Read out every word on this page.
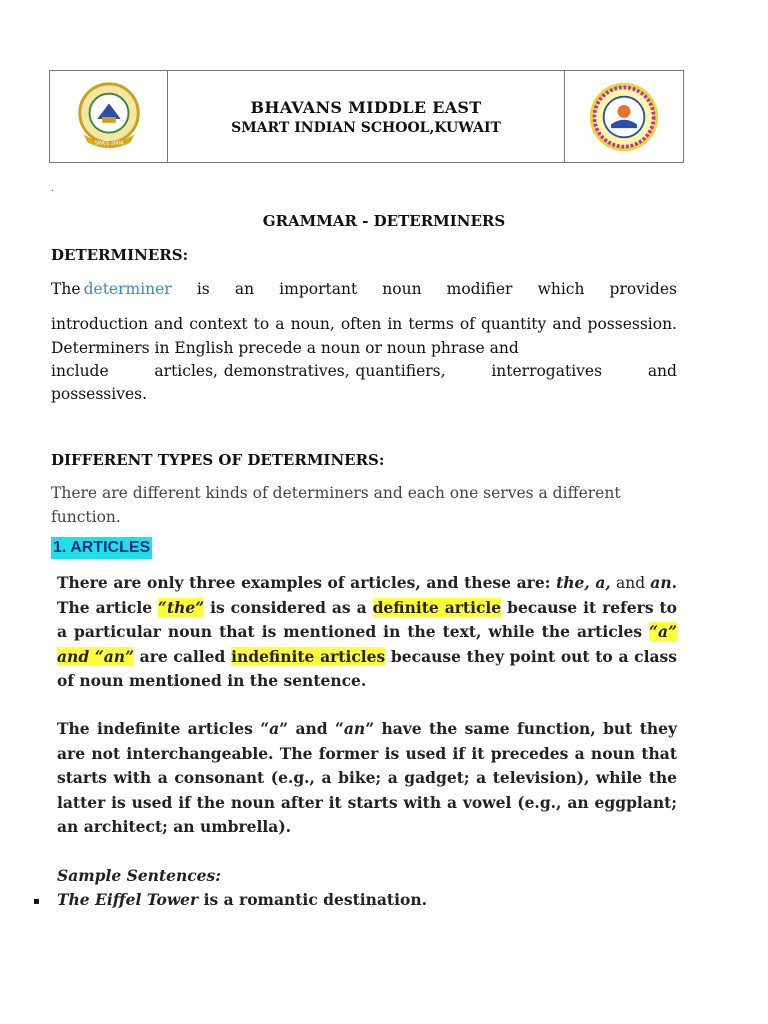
SINCE 2004
BHAVANS MIDDLE EAST
SMART INDIAN SCHOOL,KUWAIT
.
GRAMMAR - DETERMINERS
DETERMINERS:
The determiner is an important noun modifier which provides
introduction and context to a noun, often in terms of quantity and possession. Determiners in English precede a noun or noun phrase and
include	articles, demonstratives, quantifiers,	interrogatives	and
possessives.
DIFFERENT TYPES OF DETERMINERS:
There are different kinds of determiners and each one serves a different function.
1. ARTICLES
There are only three examples of articles, and these are: the, a, and an. The article “the” is considered as a definite article because it refers to a particular noun that is mentioned in the text, while the articles “a” and “an” are called indefinite articles because they point out to a class of noun mentioned in the sentence.
The indefinite articles “a” and “an” have the same function, but they are not interchangeable. The former is used if it precedes a noun that starts with a consonant (e.g., a bike; a gadget; a television), while the latter is used if the noun after it starts with a vowel (e.g., an eggplant; an architect; an umbrella).
Sample Sentences:
▪ The Eiffel Tower is a romantic destination.
